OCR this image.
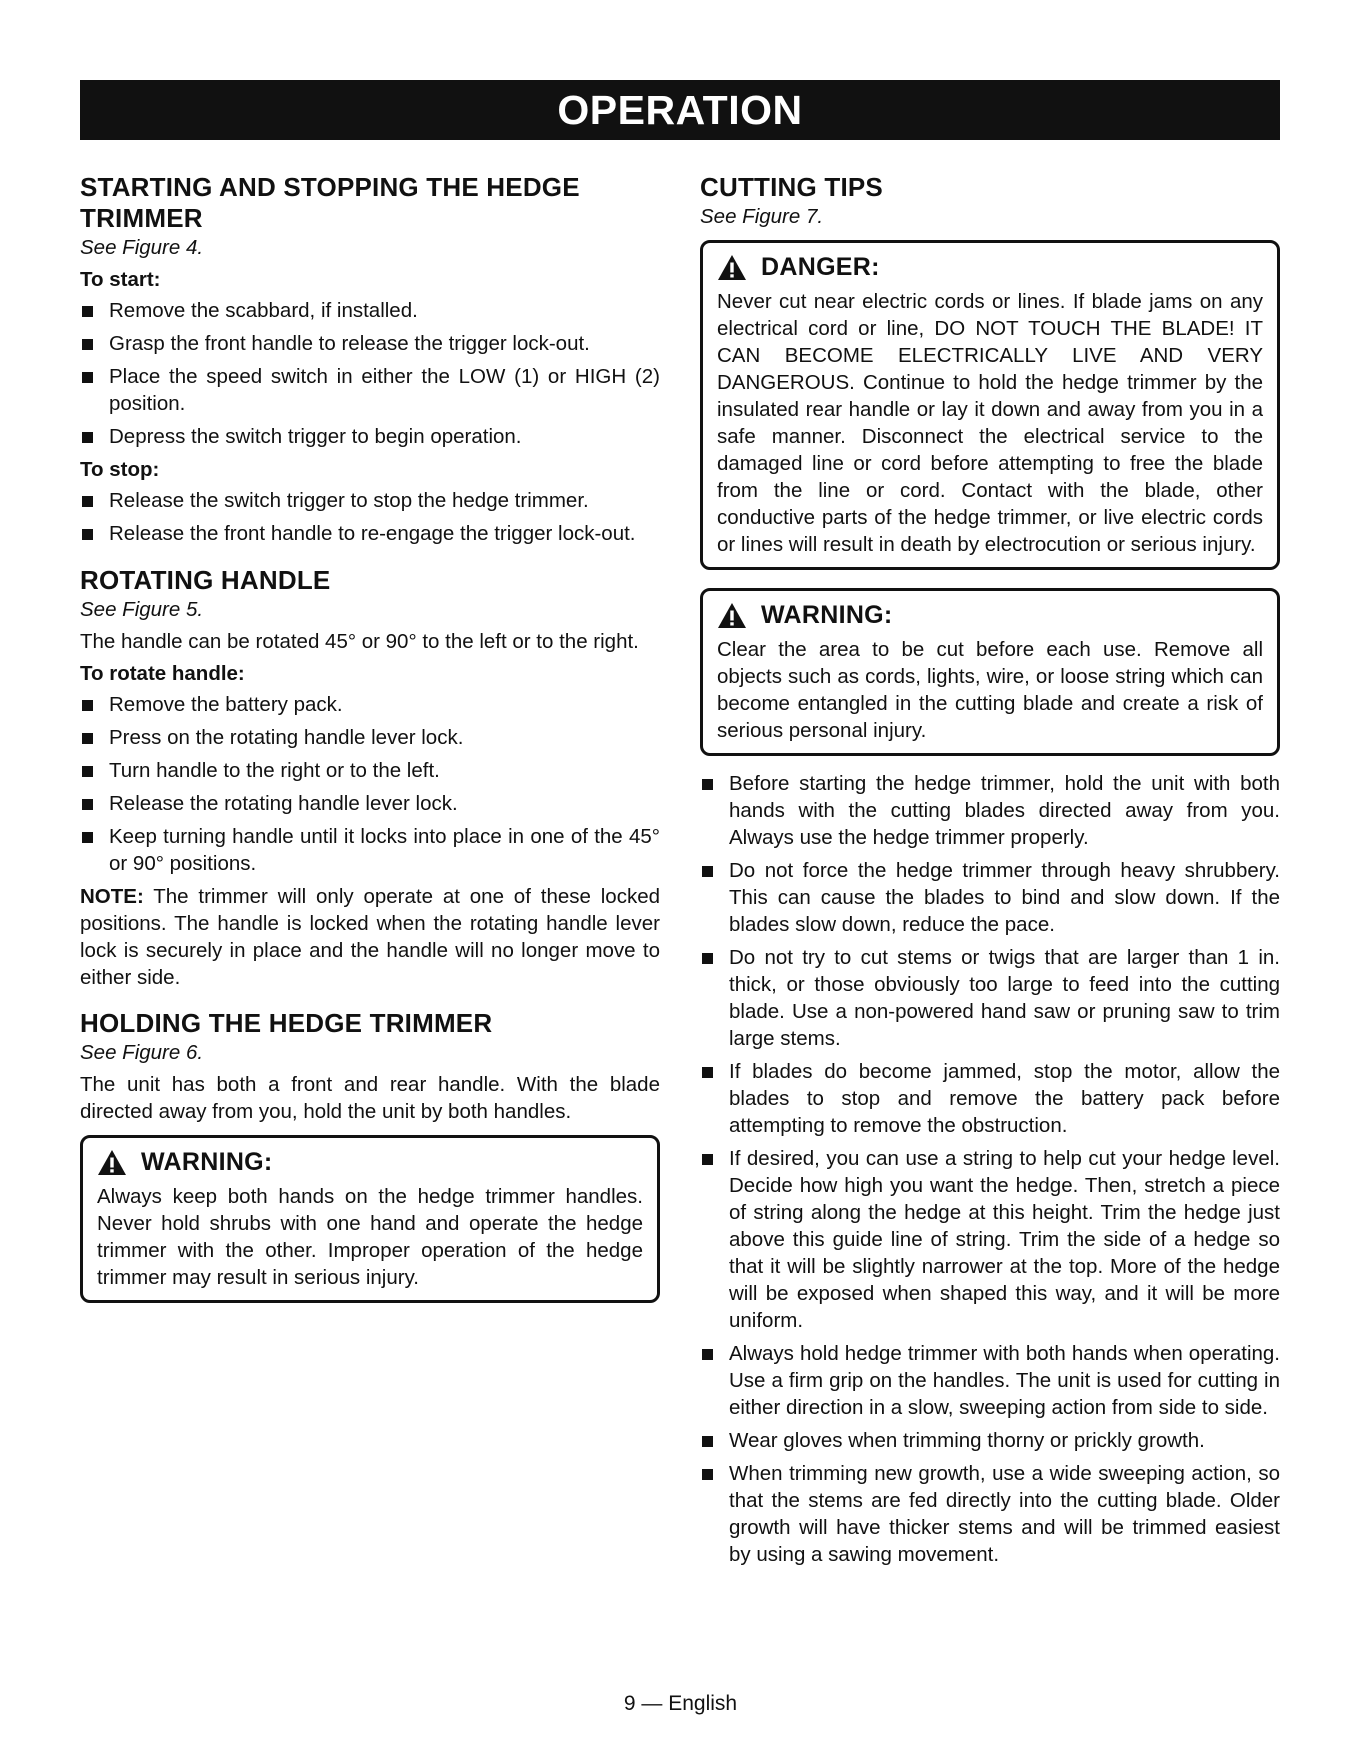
OPERATION
STARTING AND STOPPING THE HEDGE TRIMMER
See Figure 4.
To start:
Remove the scabbard, if installed.
Grasp the front handle to release the trigger lock-out.
Place the speed switch in either the LOW (1) or HIGH (2) position.
Depress the switch trigger to begin operation.
To stop:
Release the switch trigger to stop the hedge trimmer.
Release the front handle to re-engage the trigger lock-out.
ROTATING HANDLE
See Figure 5.

The handle can be rotated 45° or 90° to the left or to the right.

To rotate handle:
Remove the battery pack.
Press on the rotating handle lever lock.
Turn handle to the right or to the left.
Release the rotating handle lever lock.
Keep turning handle until it locks into place in one of the 45° or 90° positions.

NOTE: The trimmer will only operate at one of these locked positions. The handle is locked when the rotating handle lever lock is securely in place and the handle will no longer move to either side.

HOLDING THE HEDGE TRIMMER
See Figure 6.

The unit has both a front and rear handle. With the blade directed away from you, hold the unit by both handles.

WARNING:

Always keep both hands on the hedge trimmer handles. Never hold shrubs with one hand and operate the hedge trimmer with the other. Improper operation of the hedge trimmer may result in serious injury.

CUTTING TIPS
See Figure 7.
DANGER:

Never cut near electric cords or lines. If blade jams on any electrical cord or line, DO NOT TOUCH THE BLADE! IT CAN BECOME ELECTRICALLY LIVE AND VERY DANGEROUS. Continue to hold the hedge trimmer by the insulated rear handle or lay it down and away from you in a safe manner. Disconnect the electrical service to the damaged line or cord before attempting to free the blade from the line or cord. Contact with the blade, other conductive parts of the hedge trimmer, or live electric cords or lines will result in death by electrocution or serious injury.

WARNING:

Clear the area to be cut before each use. Remove all objects such as cords, lights, wire, or loose string which can become entangled in the cutting blade and create a risk of serious personal injury.

Before starting the hedge trimmer, hold the unit with both hands with the cutting blades directed away from you. Always use the hedge trimmer properly.
Do not force the hedge trimmer through heavy shrubbery. This can cause the blades to bind and slow down. If the blades slow down, reduce the pace.
Do not try to cut stems or twigs that are larger than 1 in. thick, or those obviously too large to feed into the cutting blade. Use a non-powered hand saw or pruning saw to trim large stems.
If blades do become jammed, stop the motor, allow the blades to stop and remove the battery pack before attempting to remove the obstruction.
If desired, you can use a string to help cut your hedge level. Decide how high you want the hedge. Then, stretch a piece of string along the hedge at this height. Trim the hedge just above this guide line of string. Trim the side of a hedge so that it will be slightly narrower at the top. More of the hedge will be exposed when shaped this way, and it will be more uniform.
Always hold hedge trimmer with both hands when operating. Use a firm grip on the handles. The unit is used for cutting in either direction in a slow, sweeping action from side to side.
Wear gloves when trimming thorny or prickly growth.
When trimming new growth, use a wide sweeping action, so that the stems are fed directly into the cutting blade. Older growth will have thicker stems and will be trimmed easiest by using a sawing movement.
9 — English
